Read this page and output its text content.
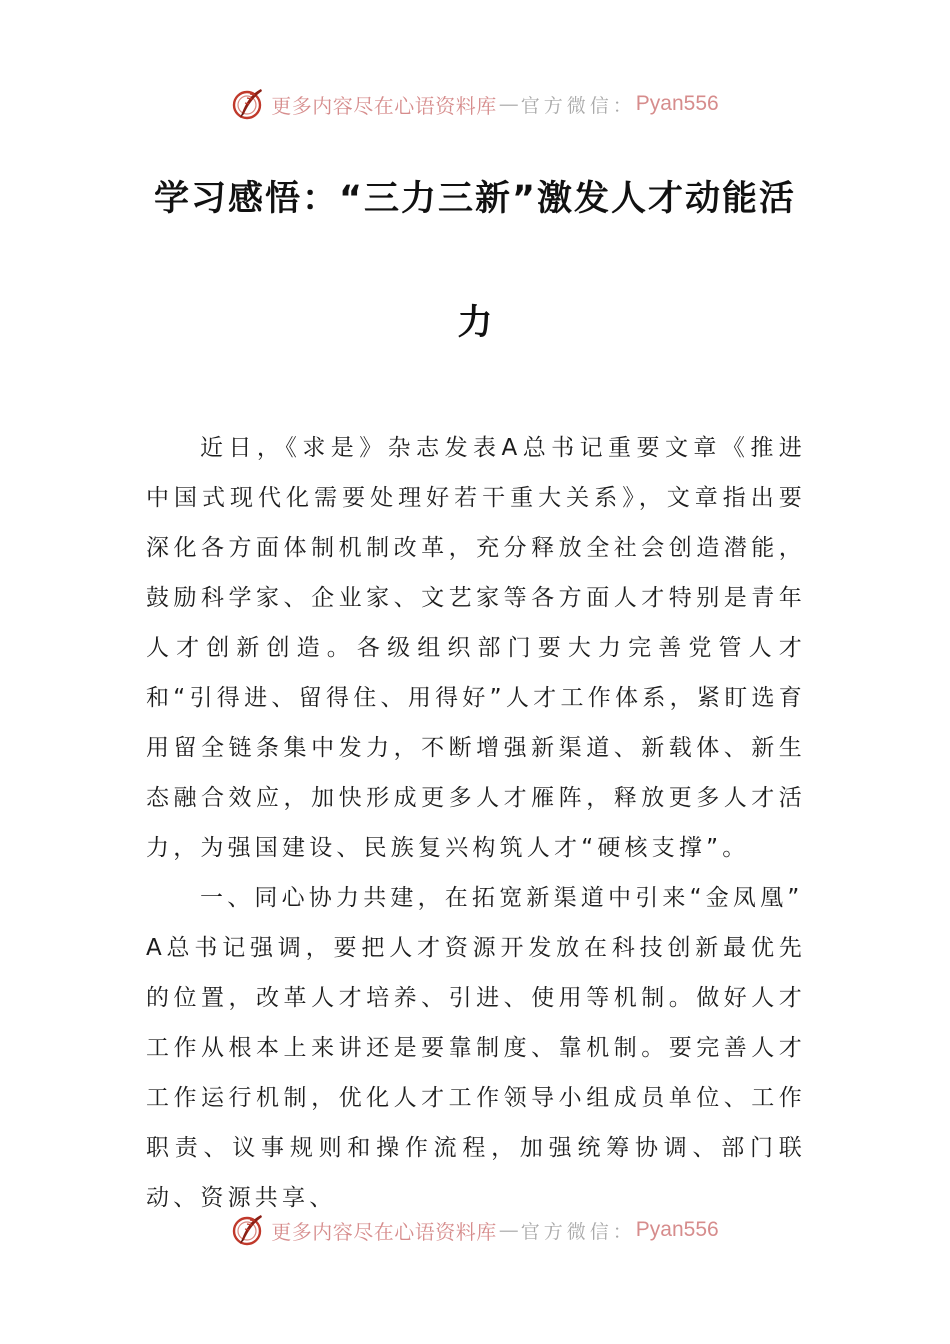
更多内容尽在心语资料库 — 官方微信： Pyan556
学习感悟：“三力三新”激发人才动能活
力

近日，《求是》杂志发表A总书记重要文章《推进中国式现代化需要处理好若干重大关系》，文章指出要深化各方面体制机制改革，充分释放全社会创造潜能，鼓励科学家、企业家、文艺家等各方面人才特别是青年人才创新创造。各级组织部门要大力完善党管人才和“引得进、留得住、用得好”人才工作体系，紧盯选育用留全链条集中发力，不断增强新渠道、新载体、新生态融合效应，加快形成更多人才雁阵，释放更多人才活力，为强国建设、民族复兴构筑人才“硬核支撑”。

一、同心协力共建，在拓宽新渠道中引来“金凤凰”

A总书记强调，要把人才资源开发放在科技创新最优先的位置，改革人才培养、引进、使用等机制。做好人才工作从根本上来讲还是要靠制度、靠机制。要完善人才工作运行机制，优化人才工作领导小组成员单位、工作职责、议事规则和操作流程，加强统筹协调、部门联动、资源共享、

更多内容尽在心语资料库 — 官方微信： Pyan556
